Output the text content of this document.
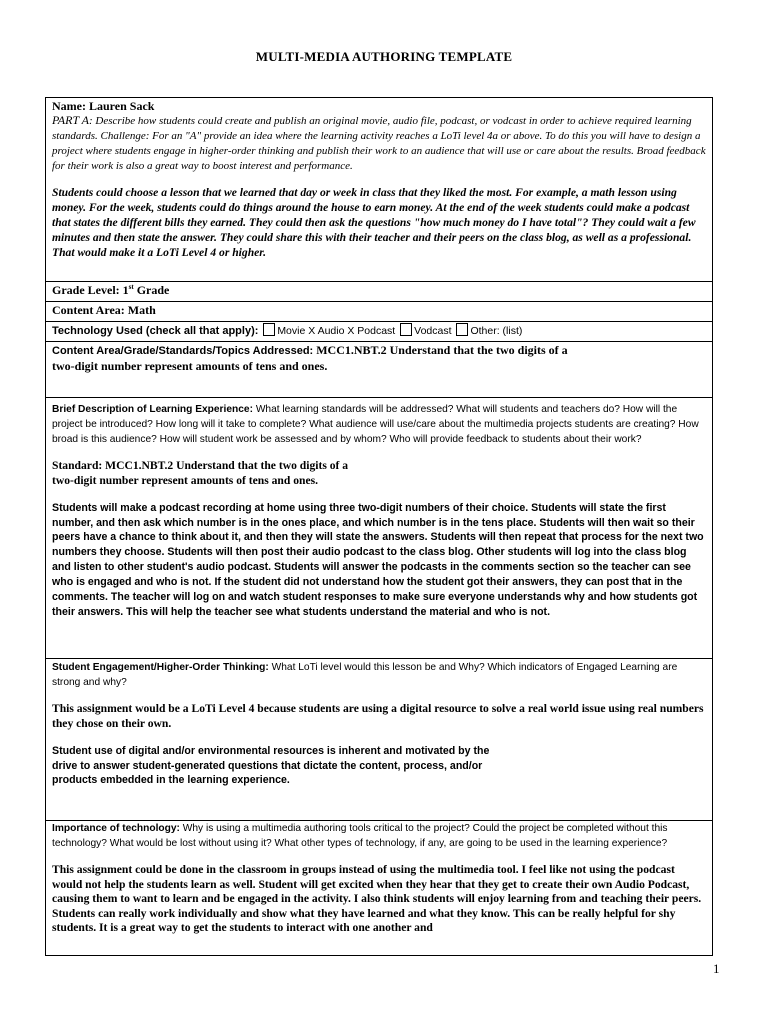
MULTI-MEDIA AUTHORING TEMPLATE
Name: Lauren Sack
PART A: Describe how students could create and publish an original movie, audio file, podcast, or vodcast in order to achieve required learning standards. Challenge: For an "A" provide an idea where the learning activity reaches a LoTi level 4a or above. To do this you will have to design a project where students engage in higher-order thinking and publish their work to an audience that will use or care about the results. Broad feedback for their work is also a great way to boost interest and performance.
Students could choose a lesson that we learned that day or week in class that they liked the most. For example, a math lesson using money. For the week, students could do things around the house to earn money. At the end of the week students could make a podcast that states the different bills they earned. They could then ask the questions "how much money do I have total"? They could wait a few minutes and then state the answer. They could share this with their teacher and their peers on the class blog, as well as a professional. That would make it a LoTi Level 4 or higher.

Grade Level: 1st Grade

Content Area: Math

Technology Used (check all that apply): Movie X Audio X Podcast Vodcast Other: (list)

Content Area/Grade/Standards/Topics Addressed: MCC1.NBT.2 Understand that the two digits of a
two-digit number represent amounts of tens and ones.

Brief Description of Learning Experience: What learning standards will be addressed? What will students and teachers do? How will the project be introduced? How long will it take to complete? What audience will use/care about the multimedia projects students are creating? How broad is this audience? How will student work be assessed and by whom? Who will provide feedback to students about their work?
Standard: MCC1.NBT.2 Understand that the two digits of a
two-digit number represent amounts of tens and ones.
Students will make a podcast recording at home using three two-digit numbers of their choice. Students will state the first number, and then ask which number is in the ones place, and which number is in the tens place. Students will then wait so their peers have a chance to think about it, and then they will state the answers. Students will then repeat that process for the next two numbers they choose. Students will then post their audio podcast to the class blog. Other students will log into the class blog and listen to other student's audio podcast. Students will answer the podcasts in the comments section so the teacher can see who is engaged and who is not. If the student did not understand how the student got their answers, they can post that in the comments. The teacher will log on and watch student responses to make sure everyone understands why and how students got their answers. This will help the teacher see what students understand the material and who is not.

Student Engagement/Higher-Order Thinking: What LoTi level would this lesson be and Why? Which indicators of Engaged Learning are strong and why?
This assignment would be a LoTi Level 4 because students are using a digital resource to solve a real world issue using real numbers they chose on their own.
Student use of digital and/or environmental resources is inherent and motivated by the
drive to answer student-generated questions that dictate the content, process, and/or
products embedded in the learning experience.

Importance of technology: Why is using a multimedia authoring tools critical to the project? Could the project be completed without this technology? What would be lost without using it? What other types of technology, if any, are going to be used in the learning experience?
This assignment could be done in the classroom in groups instead of using the multimedia tool. I feel like not using the podcast would not help the students learn as well. Student will get excited when they hear that they get to create their own Audio Podcast, causing them to want to learn and be engaged in the activity. I also think students will enjoy learning from and teaching their peers. Students can really work individually and show what they have learned and what they know. This can be really helpful for shy students. It is a great way to get the students to interact with one another and
1
